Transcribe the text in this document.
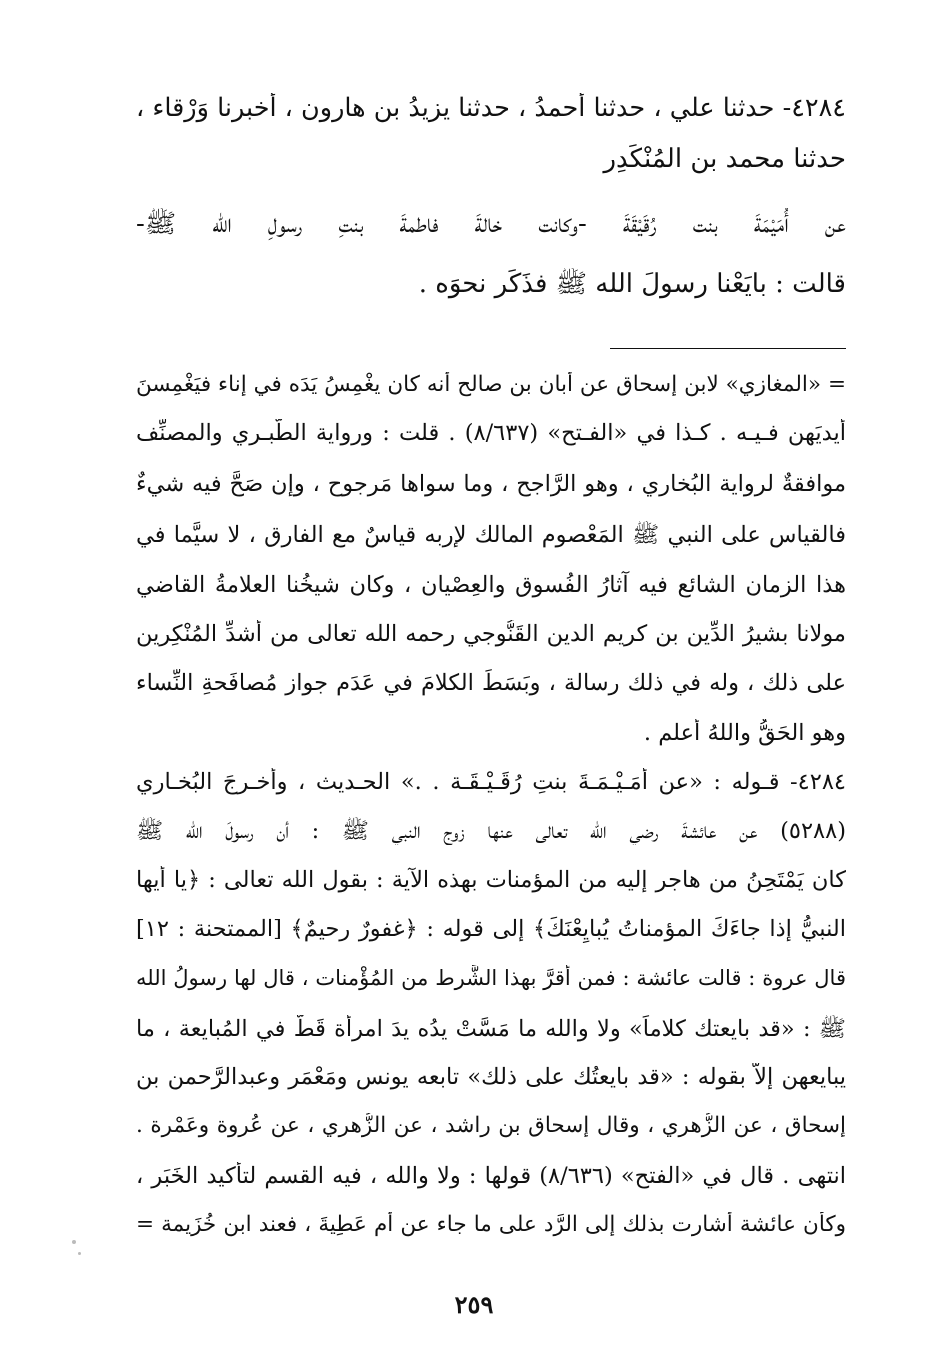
٤٢٨٤- حدثنا علي ، حدثنا أحمدُ ، حدثنا يزيدُ بن هارون ، أخبرنا وَرْقاء ،
حدثنا محمد بن المُنْكَدِر
عن أُمَيْمَةَ بنت رُقَيْقَةَ -وكانت خالةَ فاطمةَ بنتِ رسولِ الله ﷺ-
قالت : بايَعْنا رسولَ الله ﷺ فذَكَر نحوَه .
= «المغازي» لابن إسحاق عن أبان بن صالح أنه كان يغْمِسُ يَدَه في إناء فيَغْمِسنَ
أيديَهن فـيـه . كـذا في «الفـتح» (٨/٦٣٧) . قلت : ورواية الطَّبـري والمصنِّف
موافقةٌ لرواية البُخاري ، وهو الرَّاجح ، وما سواها مَرجوح ، وإن صَحَّ فيه شيءٌ
فالقياس على النبي ﷺ المَعْصوم المالك لإربه قياسٌ مع الفارق ، لا سيَّما في
هذا الزمان الشائع فيه آثارُ الفُسوق والعِصْيان ، وكان شيخُنا العلامةُ القاضي
مولانا بشيرُ الدِّين بن كريم الدين القَنُّوجي رحمه الله تعالى من أشدِّ المُنْكِرين
على ذلك ، وله في ذلك رسالة ، وبَسَطَ الكلامَ في عَدَمِ جواز مُصافَحةِ النِّساء
وهو الحَقُّ واللهُ أعلم .
٤٢٨٤- قـوله : «عن أُمَـيْـمَـةَ بنتِ رُقَـيْـقَـة . .» الحـديث ، وأخـرجَ البُخـاري
(٥٢٨٨) عن عائشةَ رضي الله تعالى عنها زوج النبي ﷺ : أن رسولَ الله ﷺ
كان يَمْتَحِنُ من هاجر إليه من المؤمنات بهذه الآية : بقول الله تعالى : ﴿يا أيها
النبيُّ إذا جاءَكَ المؤمناتُ يُبايِعْنَكَ﴾ إلى قوله : ﴿غفورٌ رحيمٌ﴾ [الممتحنة : ١٢]
قال عروة : قالت عائشة : فمن أقرَّ بهذا الشَّرط من المُؤْمنات ، قال لها رسولُ الله
ﷺ : «قد بايعتك كلاماً» ولا والله ما مَسَّتْ يدُه يدَ امرأة قَطُّ في المُبايعة ، ما
يبايعهن إلاّ بقوله : «قد بايعتُك على ذلك» تابعه يونس ومَعْمَر وعبدالرَّحمن بن
إسحاق ، عن الزُّهري ، وقال إسحاق بن راشد ، عن الزُّهري ، عن عُروة وعَمْرة .
انتهى . قال في «الفتح» (٨/٦٣٦) قولها : ولا والله ، فيه القسم لتأكيد الخَبَر ،
وكأن عائشة أشارت بذلك إلى الرَّد على ما جاء عن أم عَطِيةَ ، فعند ابن خُزَيمة =
٢٥٩
